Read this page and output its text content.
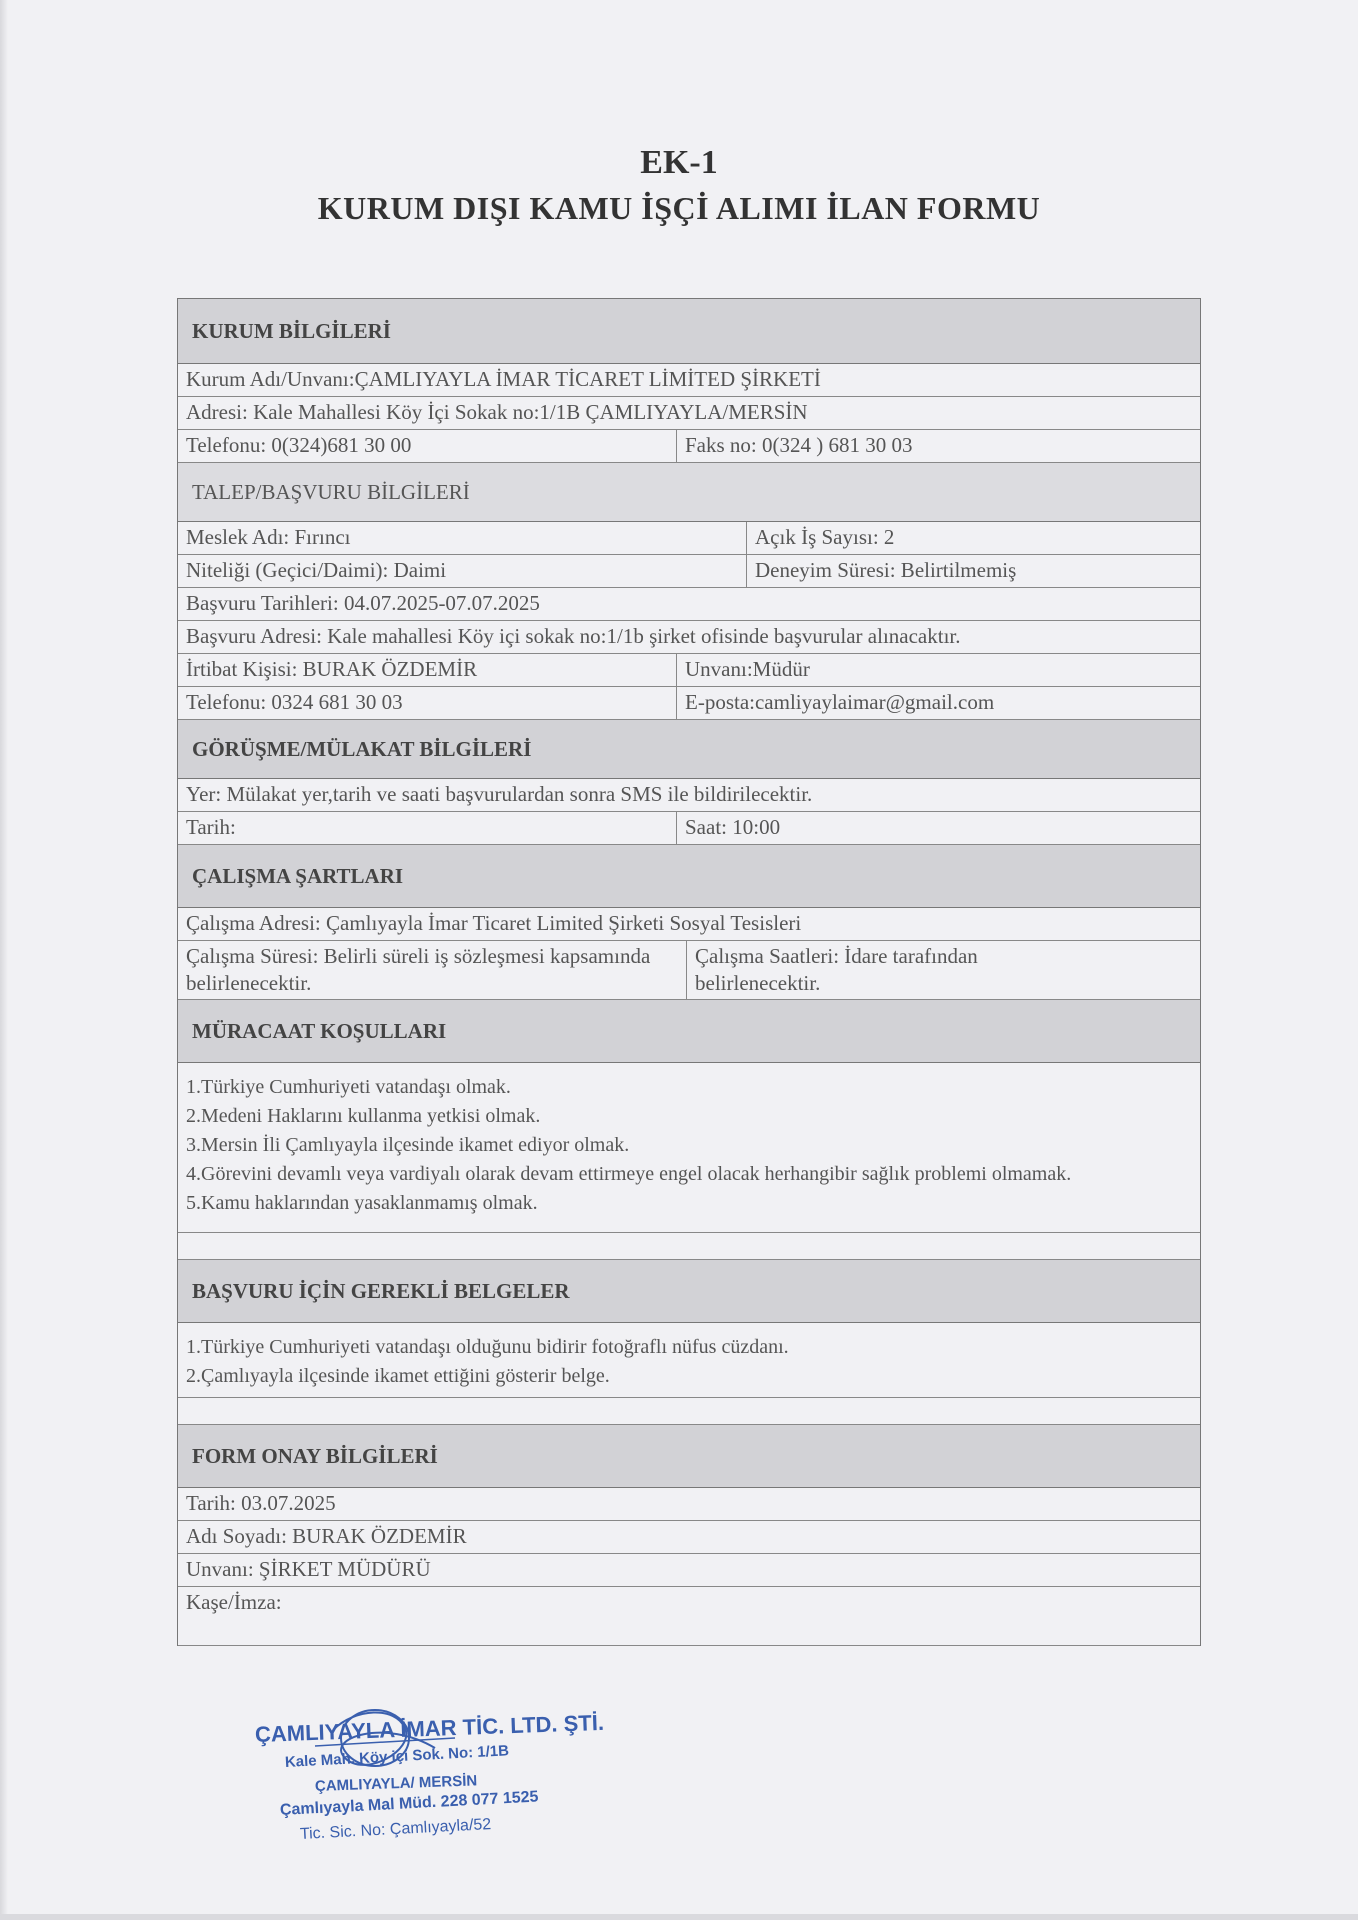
EK-1
KURUM DIŞI KAMU İŞÇİ ALIMI İLAN FORMU
KURUM BİLGİLERİ
Kurum Adı/Unvanı:ÇAMLIYAYLA İMAR TİCARET LİMİTED ŞİRKETİ
Adresi: Kale Mahallesi Köy İçi Sokak no:1/1B ÇAMLIYAYLA/MERSİN
Telefonu: 0(324)681 30 00	Faks no: 0(324 ) 681 30 03
TALEP/BAŞVURU BİLGİLERİ
Meslek Adı: Fırıncı	Açık İş Sayısı: 2
Niteliği (Geçici/Daimi): Daimi	Deneyim Süresi: Belirtilmemiş
Başvuru Tarihleri: 04.07.2025-07.07.2025
Başvuru Adresi: Kale mahallesi Köy içi sokak no:1/1b şirket ofisinde başvurular alınacaktır.
İrtibat Kişisi: BURAK ÖZDEMİR	Unvanı:Müdür
Telefonu: 0324 681 30 03	E-posta:camliyaylaimar@gmail.com
GÖRÜŞME/MÜLAKAT BİLGİLERİ
Yer: Mülakat yer,tarih ve saati başvurulardan sonra SMS ile bildirilecektir.
Tarih:	Saat: 10:00
ÇALIŞMA ŞARTLARI
Çalışma Adresi: Çamlıyayla İmar Ticaret Limited Şirketi Sosyal Tesisleri
Çalışma Süresi: Belirli süreli iş sözleşmesi kapsamında belirlenecektir.
Çalışma Saatleri: İdare tarafından belirlenecektir.
MÜRACAAT KOŞULLARI
1.Türkiye Cumhuriyeti vatandaşı olmak.
2.Medeni Haklarını kullanma yetkisi olmak.
3.Mersin İli Çamlıyayla ilçesinde ikamet ediyor olmak.
4.Görevini devamlı veya vardiyalı olarak devam ettirmeye engel olacak herhangibir sağlık problemi olmamak.
5.Kamu haklarından yasaklanmamış olmak.
BAŞVURU İÇİN GEREKLİ BELGELER
1.Türkiye Cumhuriyeti vatandaşı olduğunu bidirir fotoğraflı nüfus cüzdanı.
2.Çamlıyayla ilçesinde ikamet ettiğini gösterir belge.
FORM ONAY BİLGİLERİ
Tarih: 03.07.2025
Adı Soyadı: BURAK ÖZDEMİR
Unvanı: ŞİRKET MÜDÜRÜ
Kaşe/İmza:
ÇAMLIYAYLA İMAR TİC. LTD. ŞTİ.
Kale Mah. Köy içi Sok. No: 1/1B
ÇAMLIYAYLA/ MERSİN
Çamlıyayla Mal Müd. 228 077 1525
Tic. Sic. No: Çamlıyayla/52
